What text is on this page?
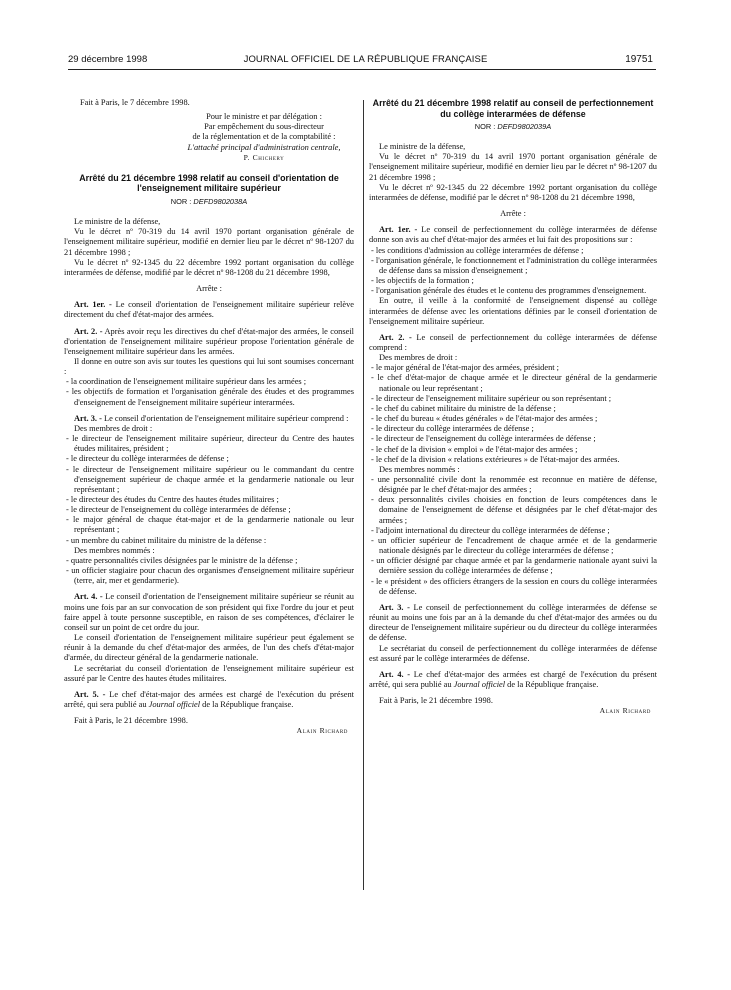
29 décembre 1998	JOURNAL OFFICIEL DE LA RÉPUBLIQUE FRANÇAISE	19751

Fait à Paris, le 7 décembre 1998.

Pour le ministre et par délégation :
Par empêchement du sous-directeur
de la réglementation et de la comptabilité :
L'attaché principal d'administration centrale,
P. Chichery
Arrêté du 21 décembre 1998 relatif au conseil d'orientation de l'enseignement militaire supérieur
NOR : DEFD9802038A

Le ministre de la défense,

Vu le décret nº 70-319 du 14 avril 1970 portant organisation générale de l'enseignement militaire supérieur, modifié en dernier lieu par le décret nº 98-1207 du 21 décembre 1998 ;

Vu le décret nº 92-1345 du 22 décembre 1992 portant organisation du collège interarmées de défense, modifié par le décret nº 98-1208 du 21 décembre 1998,

Arrête :

Art. 1er. - Le conseil d'orientation de l'enseignement militaire supérieur relève directement du chef d'état-major des armées.

Art. 2. - Après avoir reçu les directives du chef d'état-major des armées, le conseil d'orientation de l'enseignement militaire supérieur propose l'orientation générale de l'enseignement militaire supérieur dans les armées.

Il donne en outre son avis sur toutes les questions qui lui sont soumises concernant :

- la coordination de l'enseignement militaire supérieur dans les armées ;

- les objectifs de formation et l'organisation générale des études et des programmes d'enseignement de l'enseignement militaire supérieur interarmées.

Art. 3. - Le conseil d'orientation de l'enseignement militaire supérieur comprend :

Des membres de droit :

- le directeur de l'enseignement militaire supérieur, directeur du Centre des hautes études militaires, président ;

- le directeur du collège interarmées de défense ;

- le directeur de l'enseignement militaire supérieur ou le commandant du centre d'enseignement supérieur de chaque armée et la gendarmerie nationale ou leur représentant ;

- le directeur des études du Centre des hautes études militaires ;

- le directeur de l'enseignement du collège interarmées de défense ;

- le major général de chaque état-major et de la gendarmerie nationale ou leur représentant ;

- un membre du cabinet militaire du ministre de la défense :

Des membres nommés :

- quatre personnalités civiles désignées par le ministre de la défense ;

- un officier stagiaire pour chacun des organismes d'enseignement militaire supérieur (terre, air, mer et gendarmerie).

Art. 4. - Le conseil d'orientation de l'enseignement militaire supérieur se réunit au moins une fois par an sur convocation de son président qui fixe l'ordre du jour et peut faire appel à toute personne susceptible, en raison de ses compétences, d'éclairer le conseil sur un point de cet ordre du jour.

Le conseil d'orientation de l'enseignement militaire supérieur peut également se réunir à la demande du chef d'état-major des armées, de l'un des chefs d'état-major d'armée, du directeur général de la gendarmerie nationale.

Le secrétariat du conseil d'orientation de l'enseignement militaire supérieur est assuré par le Centre des hautes études militaires.

Art. 5. - Le chef d'état-major des armées est chargé de l'exécution du présent arrêté, qui sera publié au Journal officiel de la République française.

Fait à Paris, le 21 décembre 1998.

Alain Richard

Arrêté du 21 décembre 1998 relatif au conseil de perfectionnement du collège interarmées de défense
NOR : DEFD9802039A

Le ministre de la défense,

Vu le décret nº 70-319 du 14 avril 1970 portant organisation générale de l'enseignement militaire supérieur, modifié en dernier lieu par le décret nº 98-1207 du 21 décembre 1998 ;

Vu le décret nº 92-1345 du 22 décembre 1992 portant organisation du collège interarmées de défense, modifié par le décret nº 98-1208 du 21 décembre 1998,

Arrête :

Art. 1er. - Le conseil de perfectionnement du collège interarmées de défense donne son avis au chef d'état-major des armées et lui fait des propositions sur :

- les conditions d'admission au collège interarmées de défense ;

- l'organisation générale, le fonctionnement et l'administration du collège interarmées de défense dans sa mission d'enseignement ;

- les objectifs de la formation ;

- l'organisation générale des études et le contenu des programmes d'enseignement.

En outre, il veille à la conformité de l'enseignement dispensé au collège interarmées de défense avec les orientations définies par le conseil d'orientation de l'enseignement militaire supérieur.

Art. 2. - Le conseil de perfectionnement du collège interarmées de défense comprend :

Des membres de droit :

- le major général de l'état-major des armées, président ;

- le chef d'état-major de chaque armée et le directeur général de la gendarmerie nationale ou leur représentant ;

- le directeur de l'enseignement militaire supérieur ou son représentant ;

- le chef du cabinet militaire du ministre de la défense ;

- le chef du bureau « études générales » de l'état-major des armées ;

- le directeur du collège interarmées de défense ;

- le directeur de l'enseignement du collège interarmées de défense ;

- le chef de la division « emploi » de l'état-major des armées ;

- le chef de la division « relations extérieures » de l'état-major des armées.

Des membres nommés :

- une personnalité civile dont la renommée est reconnue en matière de défense, désignée par le chef d'état-major des armées ;

- deux personnalités civiles choisies en fonction de leurs compétences dans le domaine de l'enseignement de défense et désignées par le chef d'état-major des armées ;

- l'adjoint international du directeur du collège interarmées de défense ;

- un officier supérieur de l'encadrement de chaque armée et de la gendarmerie nationale désignés par le directeur du collège interarmées de défense ;

- un officier désigné par chaque armée et par la gendarmerie nationale ayant suivi la dernière session du collège interarmées de défense ;

- le « président » des officiers étrangers de la session en cours du collège interarmées de défense.

Art. 3. - Le conseil de perfectionnement du collège interarmées de défense se réunit au moins une fois par an à la demande du chef d'état-major des armées ou du directeur de l'enseignement militaire supérieur ou du directeur du collège interarmées de défense.

Le secrétariat du conseil de perfectionnement du collège interarmées de défense est assuré par le collège interarmées de défense.

Art. 4. - Le chef d'état-major des armées est chargé de l'exécution du présent arrêté, qui sera publié au Journal officiel de la République française.

Fait à Paris, le 21 décembre 1998.

Alain Richard
